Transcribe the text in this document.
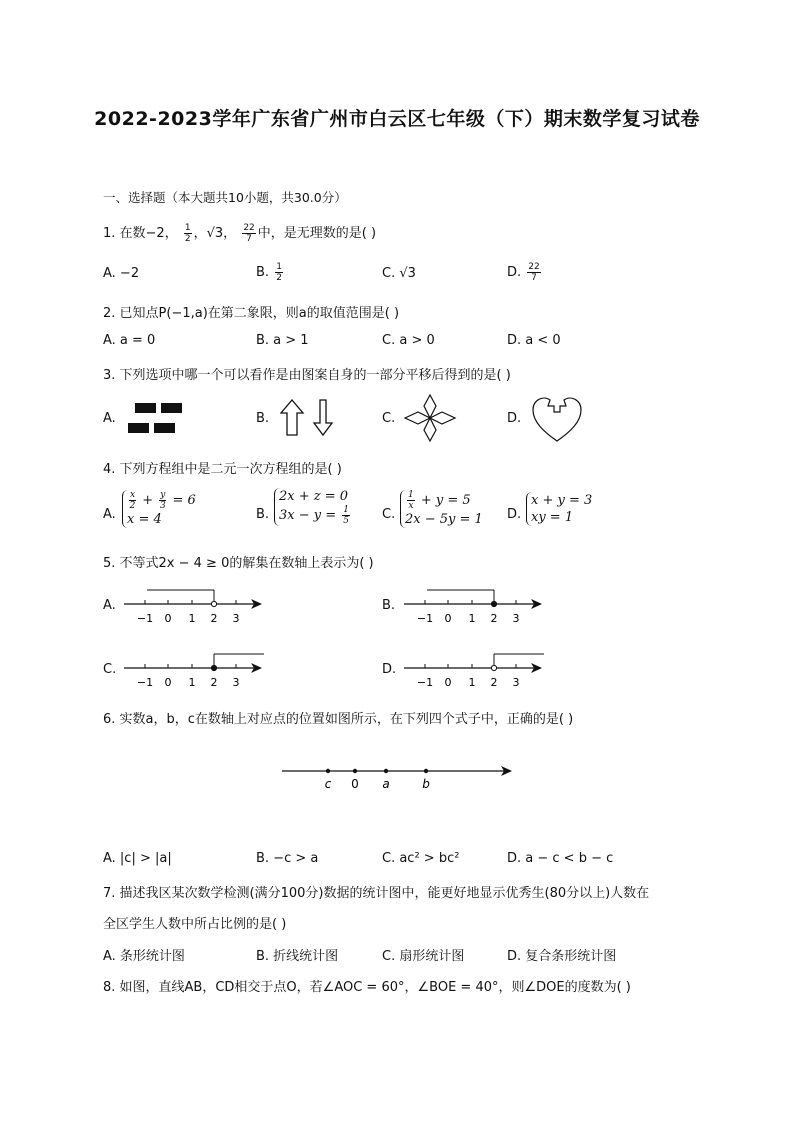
2022-2023学年广东省广州市白云区七年级（下）期末数学复习试卷
一、选择题（本大题共10小题，共30.0分）
1. 在数−2， $\frac{1}{2}$ ，√3， $\frac{22}{7}$ 中，是无理数的是( )
A. −2	B. $\frac{1}{2}$	C. √3	D. $\frac{22}{7}$
2. 已知点P(−1,a)在第二象限，则a的取值范围是( )
A. a = 0	B. a > 1	C. a > 0	D. a < 0
3. 下列选项中哪一个可以看作是由图案自身的一部分平移后得到的是( )
A.	B.	C.	D.
4. 下列方程组中是二元一次方程组的是( )
A.
$\frac{x}{2} + \frac{y}{3} = 6$
x = 4	B.
2x + z = 0
$3x - y = \frac{1}{5} C$.
$\frac{1}{x} + y = 5$
2x − 5y = 1 D.
x + y = 3
xy = 1
5. 不等式2x − 4 ≥ 0的解集在数轴上表示为( )
A.	B.
C.	D.
−1 0 1 2 3	−1 0 1 2 3
−1 0 1 2 3	−1 0 1 2 3
6. 实数a，b，c在数轴上对应点的位置如图所示，在下列四个式子中，正确的是( )
c 0 a	b
A. |c| > |a|	B. −c > a	C. ac² > bc²	D. a − c < b − c
7. 描述我区某次数学检测(满分100分)数据的统计图中，能更好地显示优秀生(80分以上)人数在
全区学生人数中所占比例的是( )
A. 条形统计图	B. 折线统计图	C. 扇形统计图	D. 复合条形统计图
8. 如图，直线AB，CD相交于点O，若∠AOC = 60°，∠BOE = 40°，则∠DOE的度数为( )
